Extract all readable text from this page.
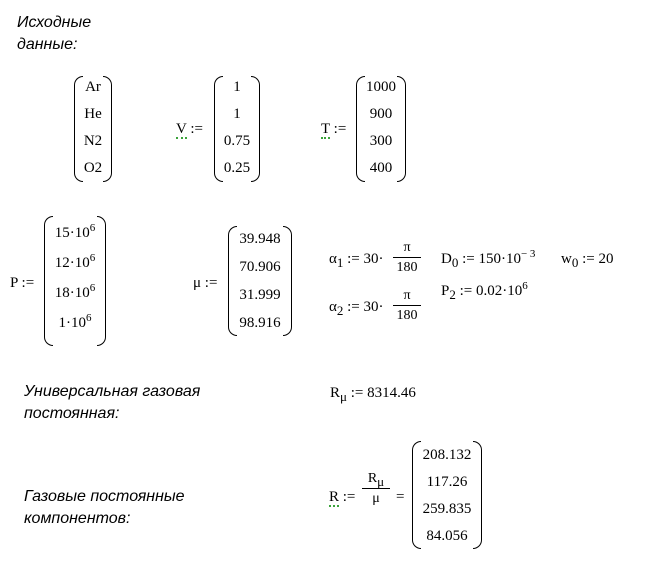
Исходные данные:
Ar
He
N2
O2
V :=
1
1
0.75
0.25
T :=
1000
900
300
400
P :=
$15\cdot 10^6$
$12\cdot 10^6$
$18\cdot 10^6$
$1\cdot 10^6$
μ :=
39.948
70.906
31.999
98.916
$\alpha_1$ := 30·
π
180
$\alpha_2$ := 30·
π
180
$D_0$ := $150\cdot 10^{- 3}$ $w_0$ := 20
$P_2$ := $0.02\cdot 10^6$
Универсальная газовая постоянная:
$R_\mu$ := 8314.46
Газовые постоянные компонентов:
R :=
$R_\mu$
μ	=
208.132
117.26
259.835
84.056
